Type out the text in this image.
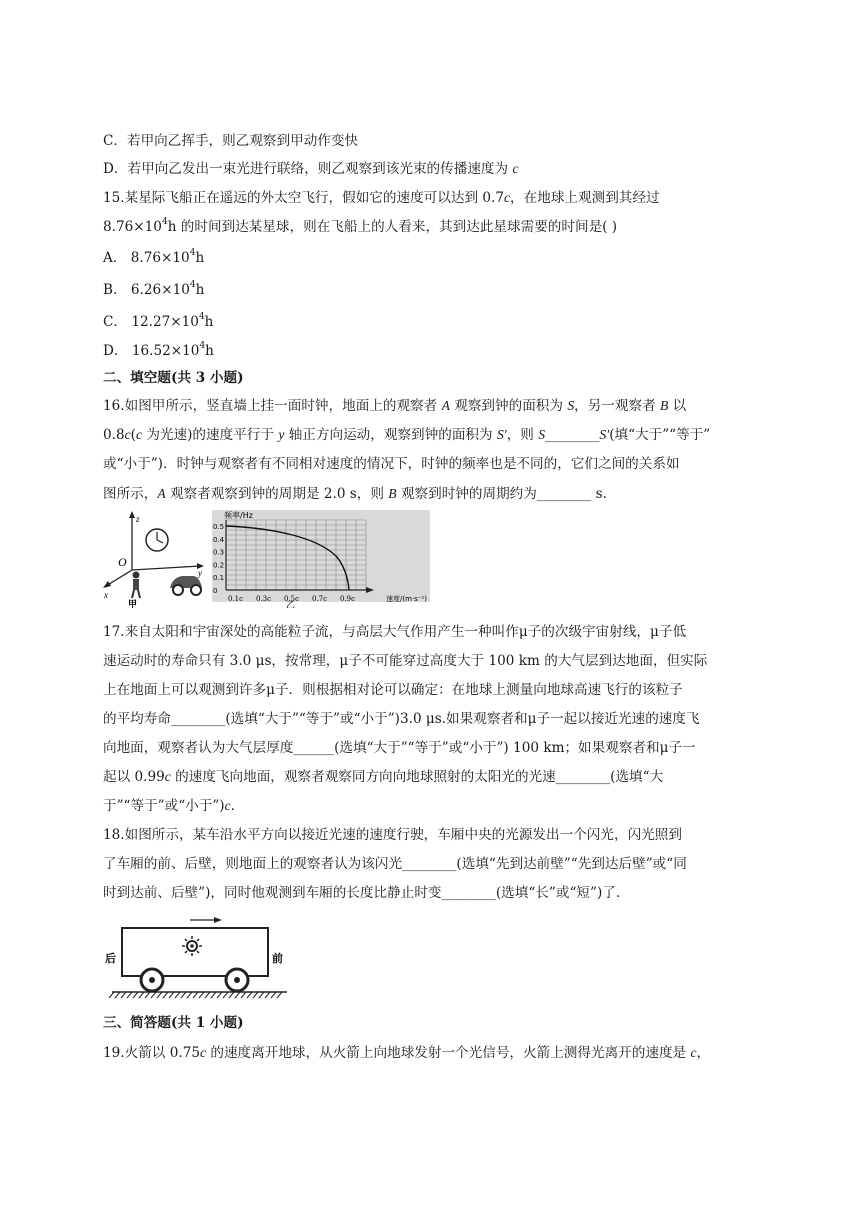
C．若甲向乙挥手，则乙观察到甲动作变快
D．若甲向乙发出一束光进行联络，则乙观察到该光束的传播速度为 c
15.某星际飞船正在遥远的外太空飞行，假如它的速度可以达到 0.7c，在地球上观测到其经过
$8.76\times 10^4h$ 的时间到达某星球，则在飞船上的人看来，其到达此星球需要的时间是( )
A． $8.76\times 10^4h$
B． $6.26\times 10^4h$
C． $12.27\times 10^4h$
D． $16.52\times 10^4h$
二、填空题(共 3 小题)
16.如图甲所示，竖直墙上挂一面时钟，地面上的观察者 A 观察到钟的面积为 S，另一观察者 B 以
0.8c(c 为光速)的速度平行于 y 轴正方向运动，观察到钟的面积为 S′，则 S________S′(填“大于”“等于”
或“小于”)．时钟与观察者有不同相对速度的情况下，时钟的频率也是不同的，它们之间的关系如
图所示，A 观察者观察到钟的周期是 2.0 s，则 B 观察到时钟的周期约为________ s.
z
O
y
x
甲
频率/Hz
0.5
0.4
0.3
0.2
0.1
0
0.1c 0.3c 0.5c 0.7c 0.9c	速度/(m·s⁻¹)
乙
17.来自太阳和宇宙深处的高能粒子流，与高层大气作用产生一种叫作μ子的次级宇宙射线，μ子低
速运动时的寿命只有 3.0 μs，按常理，μ子不可能穿过高度大于 100 km 的大气层到达地面，但实际
上在地面上可以观测到许多μ子．则根据相对论可以确定：在地球上测量向地球高速飞行的该粒子
的平均寿命________(选填“大于”“等于”或“小于”)3.0 μs.如果观察者和μ子一起以接近光速的速度飞
向地面，观察者认为大气层厚度______(选填“大于”“等于”或“小于”) 100 km；如果观察者和μ子一
起以 0.99c 的速度飞向地面，观察者观察同方向向地球照射的太阳光的光速________(选填“大
于”“等于”或“小于”)c.
18.如图所示，某车沿水平方向以接近光速的速度行驶，车厢中央的光源发出一个闪光，闪光照到
了车厢的前、后壁，则地面上的观察者认为该闪光________(选填“先到达前壁”“先到达后壁”或“同
时到达前、后壁”)，同时他观测到车厢的长度比静止时变________(选填“长”或“短”)了.
后	前
三、简答题(共 1 小题)
19.火箭以 0.75c 的速度离开地球，从火箭上向地球发射一个光信号，火箭上测得光离开的速度是 c，
